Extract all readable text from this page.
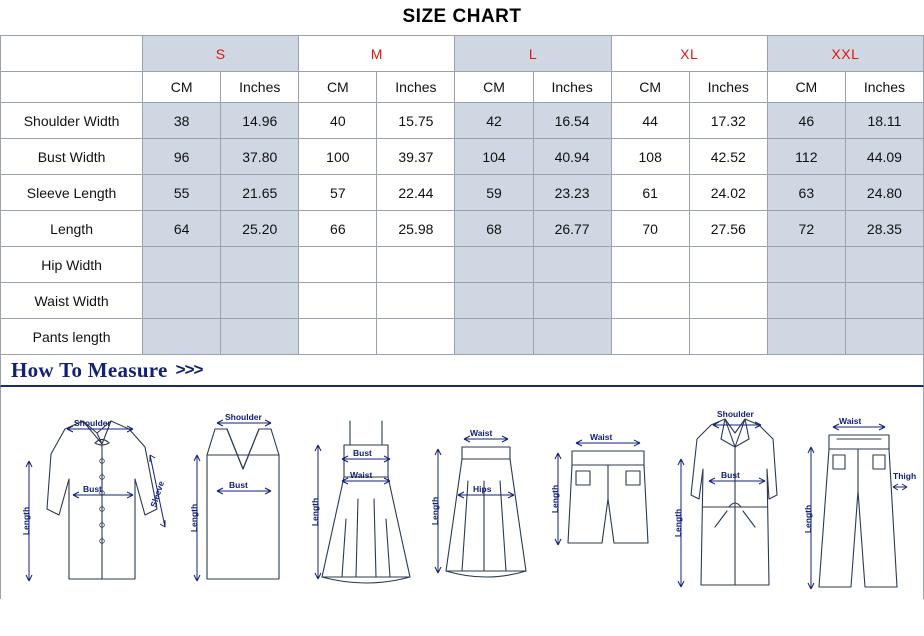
SIZE CHART
	S		M		L		XL		XXL	
	CM	Inches	CM	Inches	CM	Inches	CM	Inches	CM	Inches
Shoulder Width	38	14.96	40	15.75	42	16.54	44	17.32	46	18.11
Bust Width	96	37.80	100	39.37	104	40.94	108	42.52	112	44.09
Sleeve Length	55	21.65	57	22.44	59	23.23	61	24.02	63	24.80
Length	64	25.20	66	25.98	68	26.77	70	27.56	72	28.35
Hip Width										
Waist Width										
Pants length										
How To Measure >>>
Shoulder
Bust
Length
Sleeve
Shoulder
Bust
Length
Bust
Waist
Length
Waist
Hips
Length
Waist
Length
Shoulder
Bust
Length
Waist
Thigh
Length
